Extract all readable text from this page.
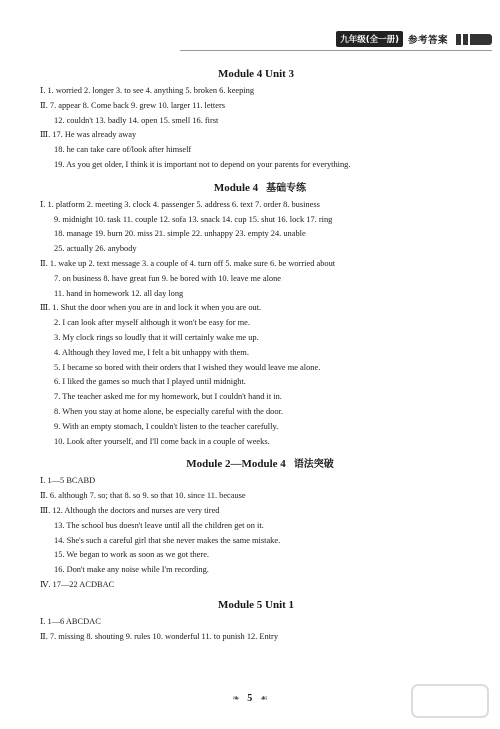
九年级(全一册) 参考答案
Module 4 Unit 3
Ⅰ. 1. worried 2. longer 3. to see 4. anything 5. broken 6. keeping
Ⅱ. 7. appear 8. Come back 9. grew 10. larger 11. letters
12. couldn't 13. badly 14. open 15. smell 16. first
Ⅲ. 17. He was already away
18. he can take care of/look after himself
19. As you get older, I think it is important not to depend on your parents for everything.
Module 4 基础专练
Ⅰ. 1. platform 2. meeting 3. clock 4. passenger 5. address 6. text 7. order 8. business
9. midnight 10. task 11. couple 12. sofa 13. snack 14. cup 15. shut 16. lock 17. ring
18. manage 19. burn 20. miss 21. simple 22. unhappy 23. empty 24. unable
25. actually 26. anybody
Ⅱ. 1. wake up 2. text message 3. a couple of 4. turn off 5. make sure 6. be worried about
7. on business 8. have great fun 9. be bored with 10. leave me alone
11. hand in homework 12. all day long
Ⅲ. 1. Shut the door when you are in and lock it when you are out.
2. I can look after myself although it won't be easy for me.
3. My clock rings so loudly that it will certainly wake me up.
4. Although they loved me, I felt a bit unhappy with them.
5. I became so bored with their orders that I wished they would leave me alone.
6. I liked the games so much that I played until midnight.
7. The teacher asked me for my homework, but I couldn't hand it in.
8. When you stay at home alone, be especially careful with the door.
9. With an empty stomach, I couldn't listen to the teacher carefully.
10. Look after yourself, and I'll come back in a couple of weeks.
Module 2—Module 4 语法突破
Ⅰ. 1—5 BCABD
Ⅱ. 6. although 7. so; that 8. so 9. so that 10. since 11. because
Ⅲ. 12. Although the doctors and nurses are very tired
13. The school bus doesn't leave until all the children get on it.
14. She's such a careful girl that she never makes the same mistake.
15. We began to work as soon as we got there.
16. Don't make any noise while I'm recording.
Ⅳ. 17—22 ACDBAC
Module 5 Unit 1
Ⅰ. 1—6 ABCDAC
Ⅱ. 7. missing 8. shouting 9. rules 10. wonderful 11. to punish 12. Entry
❧ 5 ☙
